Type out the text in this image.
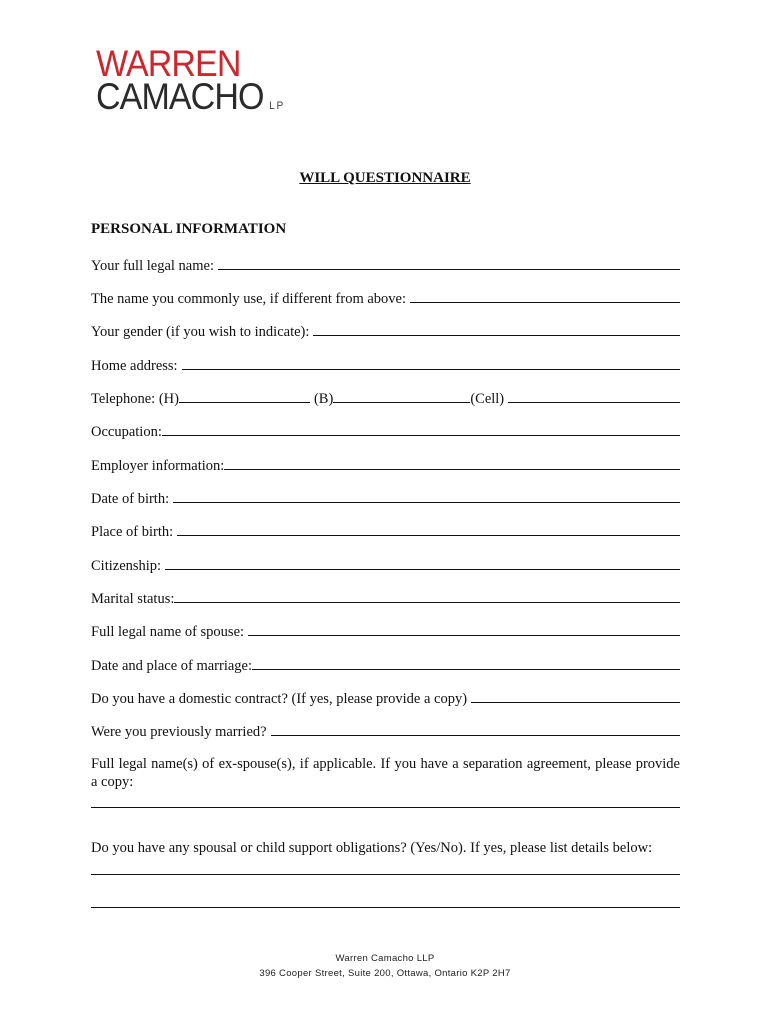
WARREN
CAMACHO LP
WILL QUESTIONNAIRE
PERSONAL INFORMATION
Your full legal name:
The name you commonly use, if different from above:
Your gender (if you wish to indicate):
Home address:
Telephone: (H)	(B)	(Cell)
Occupation:
Employer information:
Date of birth:
Place of birth:
Citizenship:
Marital status:
Full legal name of spouse:
Date and place of marriage:
Do you have a domestic contract? (If yes, please provide a copy)
Were you previously married?
Full legal name(s) of ex-spouse(s), if applicable. If you have a separation agreement, please provide a copy:
Do you have any spousal or child support obligations? (Yes/No). If yes, please list details below:
Warren Camacho LLP
396 Cooper Street, Suite 200, Ottawa, Ontario K2P 2H7
